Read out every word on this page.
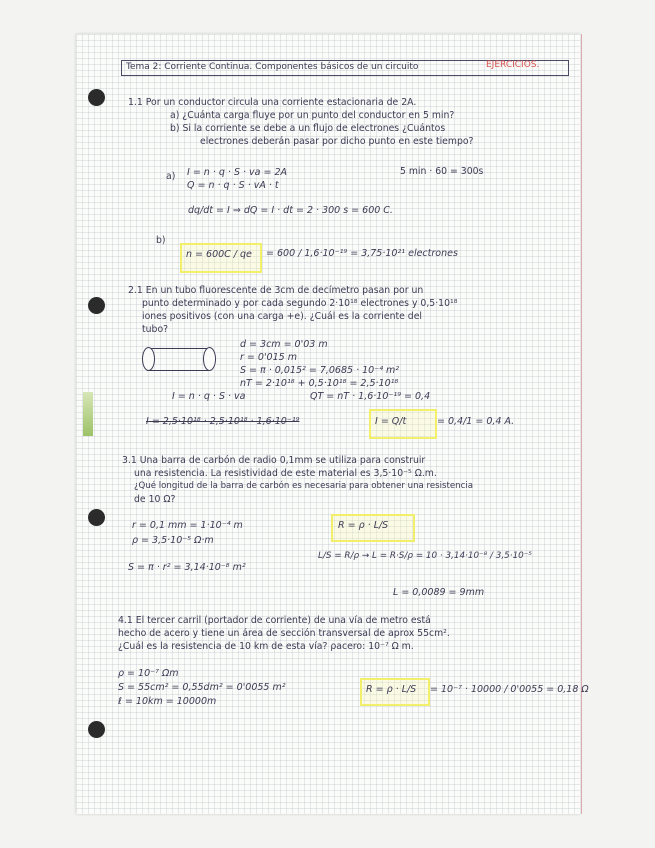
Tema 2: Corriente Continua. Componentes básicos de un circuito	EJERCICIOS.
1.1 Por un conductor circula una corriente estacionaria de 2A.
a) ¿Cuánta carga fluye por un punto del conductor en 5 min?
b) Si la corriente se debe a un flujo de electrones ¿Cuántos
electrones deberán pasar por dicho punto en este tiempo?
a) I = n · q · S · va = 2A
Q = n · q · S · vA · t
5 min · 60 = 300s
dq/dt = I ⇒ dQ = I · dt = 2 · 300 s = 600 C.
b)
n = 600C / qe = 600 / 1,6·10⁻¹⁹ = 3,75·10²¹ electrones
2.1 En un tubo fluorescente de 3cm de decímetro pasan por un
punto determinado y por cada segundo 2·10¹⁸ electrones y 0,5·10¹⁸
iones positivos (con una carga +e). ¿Cuál es la corriente del
tubo?
d = 3cm = 0'03 m
r = 0'015 m
S = π · 0,015² = 7,0685 · 10⁻⁴ m²
nT = 2·10¹⁸ + 0,5·10¹⁸ = 2,5·10¹⁸
QT = nT · 1,6·10⁻¹⁹ = 0,4
I = n · q · S · va
I = 2,5·10¹⁸ · 2,5·10¹⁸ · 1,6·10⁻¹⁹	I = Q/t	= 0,4/1 = 0,4 A.
3.1 Una barra de carbón de radio 0,1mm se utiliza para construir
una resistencia. La resistividad de este material es 3,5·10⁻⁵ Ω.m.
¿Qué longitud de la barra de carbón es necesaria para obtener una resistencia
de 10 Ω?
r = 0,1 mm = 1·10⁻⁴ m
ρ = 3,5·10⁻⁵ Ω·m
S = π · r² = 3,14·10⁻⁸ m²
R = ρ · L/S
L/S = R/ρ → L = R·S/ρ = 10 · 3,14·10⁻⁸ / 3,5·10⁻⁵
L = 0,0089 = 9mm
4.1 El tercer carril (portador de corriente) de una vía de metro está
hecho de acero y tiene un área de sección transversal de aprox 55cm².
¿Cuál es la resistencia de 10 km de esta vía? ρacero: 10⁻⁷ Ω m.
ρ = 10⁻⁷ Ωm
S = 55cm² = 0,55dm² = 0'0055 m²
ℓ = 10km = 10000m
R = ρ · L/S = 10⁻⁷ · 10000 / 0'0055 = 0,18 Ω
